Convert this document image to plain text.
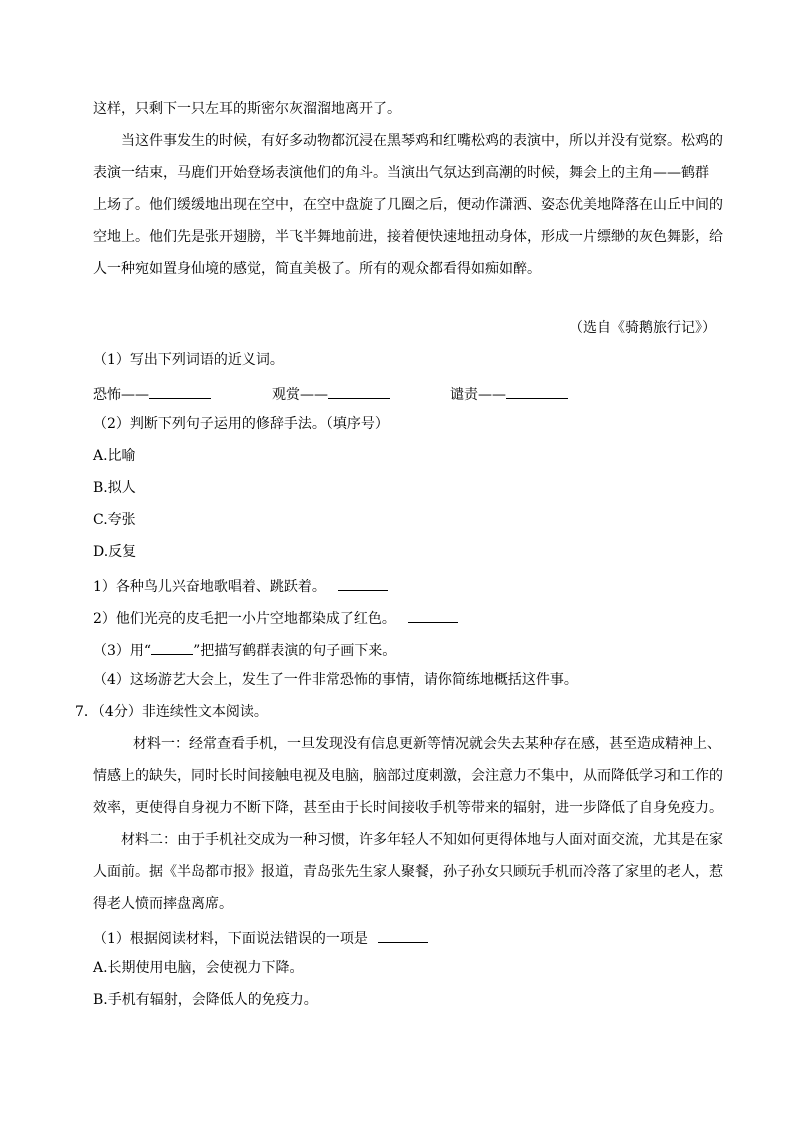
这样，只剩下一只左耳的斯密尔灰溜溜地离开了。
当这件事发生的时候，有好多动物都沉浸在黑琴鸡和红嘴松鸡的表演中，所以并没有觉察。松鸡的
表演一结束，马鹿们开始登场表演他们的角斗。当演出气氛达到高潮的时候，舞会上的主角——鹤群
上场了。他们缓缓地出现在空中，在空中盘旋了几圈之后，便动作潇洒、姿态优美地降落在山丘中间的
空地上。他们先是张开翅膀，半飞半舞地前进，接着便快速地扭动身体，形成一片缥缈的灰色舞影，给
人一种宛如置身仙境的感觉，简直美极了。所有的观众都看得如痴如醉。
（选自《骑鹅旅行记》）
（1）写出下列词语的近义词。
恐怖——	观赏——	谴责——
（2）判断下列句子运用的修辞手法。（填序号）
A.比喻
B.拟人
C.夸张
D.反复
1）各种鸟儿兴奋地歌唱着、跳跃着。
2）他们光亮的皮毛把一小片空地都染成了红色。
（3）用“	”把描写鹤群表演的句子画下来。
（4）这场游艺大会上，发生了一件非常恐怖的事情，请你简练地概括这件事。
7．（4分）非连续性文本阅读。
材料一：经常查看手机，一旦发现没有信息更新等情况就会失去某种存在感，甚至造成精神上、
情感上的缺失，同时长时间接触电视及电脑，脑部过度刺激，会注意力不集中，从而降低学习和工作的
效率，更使得自身视力不断下降，甚至由于长时间接收手机等带来的辐射，进一步降低了自身免疫力。
材料二：由于手机社交成为一种习惯，许多年轻人不知如何更得体地与人面对面交流，尤其是在家
人面前。据《半岛都市报》报道，青岛张先生家人聚餐，孙子孙女只顾玩手机而冷落了家里的老人，惹
得老人愤而摔盘离席。
（1）根据阅读材料，下面说法错误的一项是
A.长期使用电脑，会使视力下降。
B.手机有辐射，会降低人的免疫力。
